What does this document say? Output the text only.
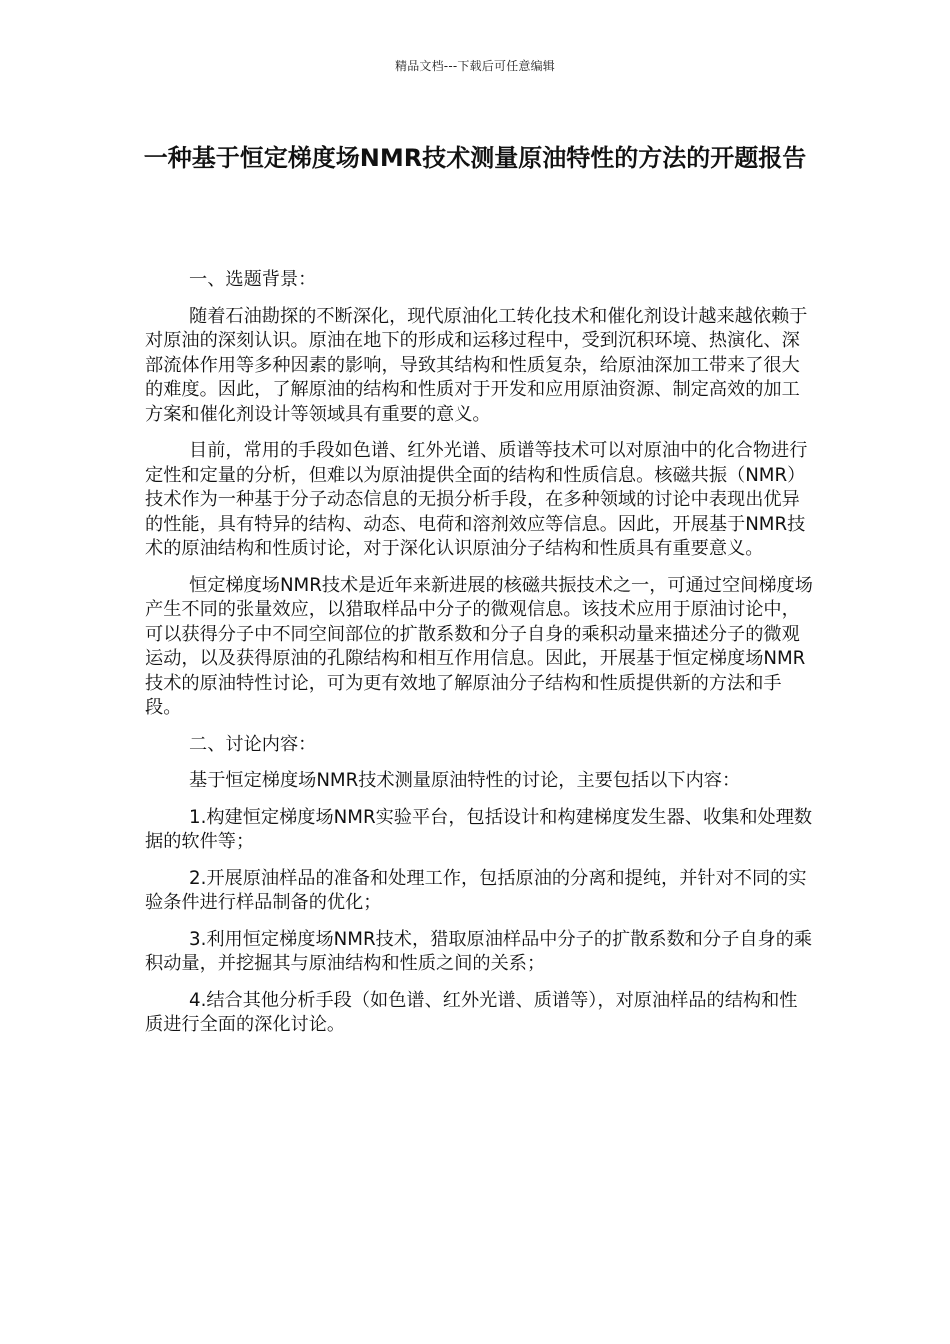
精品文档---下载后可任意编辑
一种基于恒定梯度场NMR技术测量原油特性的方法的开题报告

一、选题背景：

随着石油勘探的不断深化，现代原油化工转化技术和催化剂设计越来越依赖于对原油的深刻认识。原油在地下的形成和运移过程中，受到沉积环境、热演化、深部流体作用等多种因素的影响，导致其结构和性质复杂，给原油深加工带来了很大的难度。因此，了解原油的结构和性质对于开发和应用原油资源、制定高效的加工方案和催化剂设计等领域具有重要的意义。

目前，常用的手段如色谱、红外光谱、质谱等技术可以对原油中的化合物进行定性和定量的分析，但难以为原油提供全面的结构和性质信息。核磁共振（NMR）技术作为一种基于分子动态信息的无损分析手段，在多种领域的讨论中表现出优异的性能，具有特异的结构、动态、电荷和溶剂效应等信息。因此，开展基于NMR技术的原油结构和性质讨论，对于深化认识原油分子结构和性质具有重要意义。

恒定梯度场NMR技术是近年来新进展的核磁共振技术之一，可通过空间梯度场产生不同的张量效应，以猎取样品中分子的微观信息。该技术应用于原油讨论中，可以获得分子中不同空间部位的扩散系数和分子自身的乘积动量来描述分子的微观运动，以及获得原油的孔隙结构和相互作用信息。因此，开展基于恒定梯度场NMR技术的原油特性讨论，可为更有效地了解原油分子结构和性质提供新的方法和手段。

二、讨论内容：

基于恒定梯度场NMR技术测量原油特性的讨论，主要包括以下内容：

1.构建恒定梯度场NMR实验平台，包括设计和构建梯度发生器、收集和处理数据的软件等；

2.开展原油样品的准备和处理工作，包括原油的分离和提纯，并针对不同的实验条件进行样品制备的优化；

3.利用恒定梯度场NMR技术，猎取原油样品中分子的扩散系数和分子自身的乘积动量，并挖掘其与原油结构和性质之间的关系；

4.结合其他分析手段（如色谱、红外光谱、质谱等），对原油样品的结构和性质进行全面的深化讨论。
